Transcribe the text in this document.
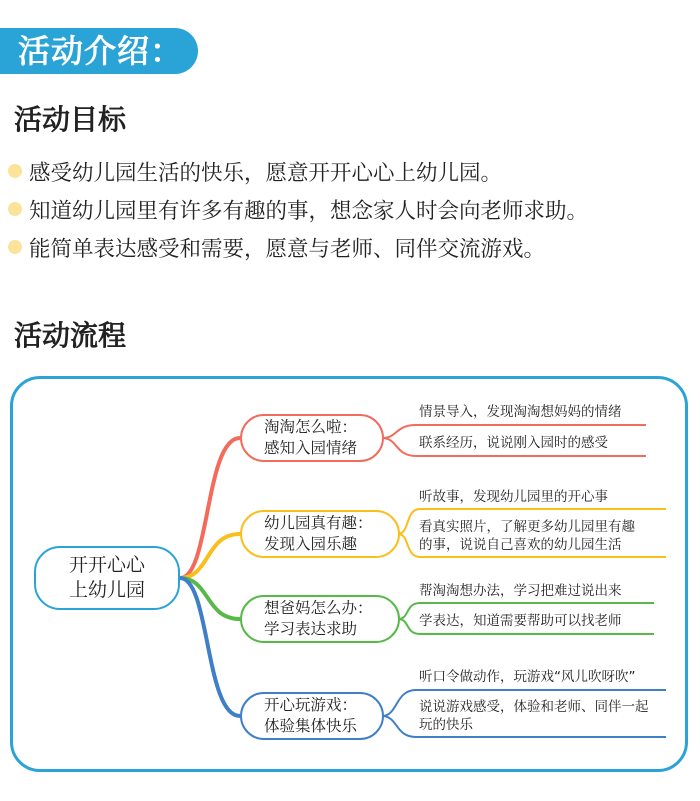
活动介绍：
活动目标
感受幼儿园生活的快乐，愿意开开心心上幼儿园。
知道幼儿园里有许多有趣的事，想念家人时会向老师求助。
能简单表达感受和需要，愿意与老师、同伴交流游戏。
活动流程
开开心心
上幼儿园
淘淘怎么啦：
感知入园情绪
幼儿园真有趣：
发现入园乐趣
想爸妈怎么办：
学习表达求助
开心玩游戏：
体验集体快乐
情景导入，发现淘淘想妈妈的情绪
联系经历，说说刚入园时的感受
听故事，发现幼儿园里的开心事
看真实照片，了解更多幼儿园里有趣
的事，说说自己喜欢的幼儿园生活
帮淘淘想办法，学习把难过说出来
学表达，知道需要帮助可以找老师
听口令做动作，玩游戏“风儿吹呀吹”
说说游戏感受，体验和老师、同伴一起
玩的快乐
